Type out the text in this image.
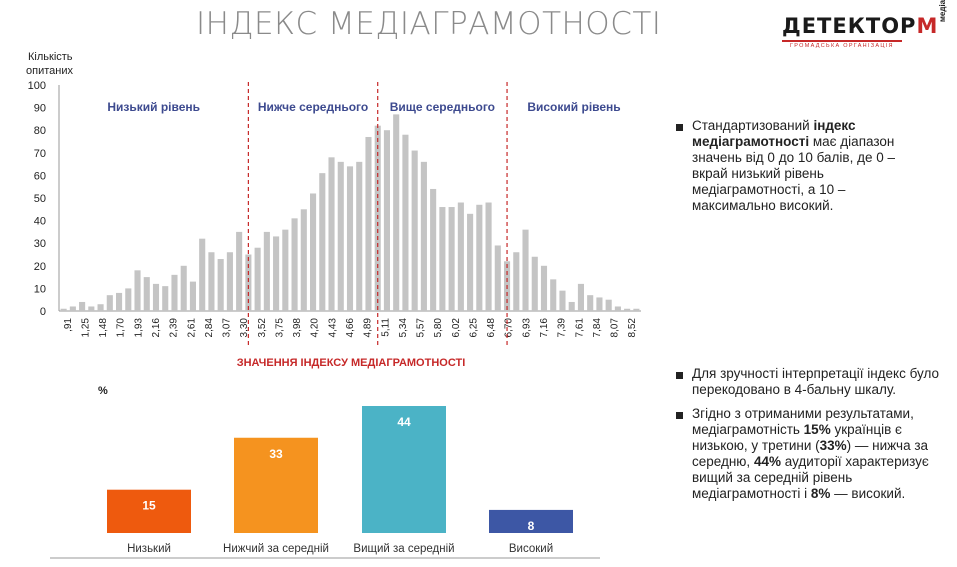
ІНДЕКС МЕДІАГРАМОТНОСТІ	ДЕТЕКТОРM
ГРОМАДСЬКА ОРГАНІЗАЦІЯ
медіа
Кількість
опитаних
0
10
20
30
40
50
60
70
80
90
100
,91 1,25 1,48 1,70 1,93 2,16 2,39 2,61 2,84 3,07 3,30 3,52 3,75 3,98 4,20 4,43 4,66 4,89 5,11 5,34 5,57 5,80 6,02 6,25 6,48 6,70 6,93 7,16 7,39 7,61 7,84 8,07 8,52
Низький рівень	Нижче середнього Вище середнього	Високий рівень
ЗНАЧЕННЯ ІНДЕКСУ МЕДІАГРАМОТНОСТІ
15
Низький
33
Нижчий за середній
44
Вищий за середній
8
Високий
%
Стандартизований індекс медіаграмотності має діапазон значень від 0 до 10 балів, де 0 – вкрай низький рівень медіаграмотності, а 10 – максимально високий.
Для зручності інтерпретації індекс було перекодовано в 4-бальну шкалу.
Згідно з отриманими результатами, медіаграмотність 15% українців є низькою, у третини (33%) — нижча за середню, 44% аудиторії характеризує вищий за середній рівень медіаграмотності і 8% — високий.
